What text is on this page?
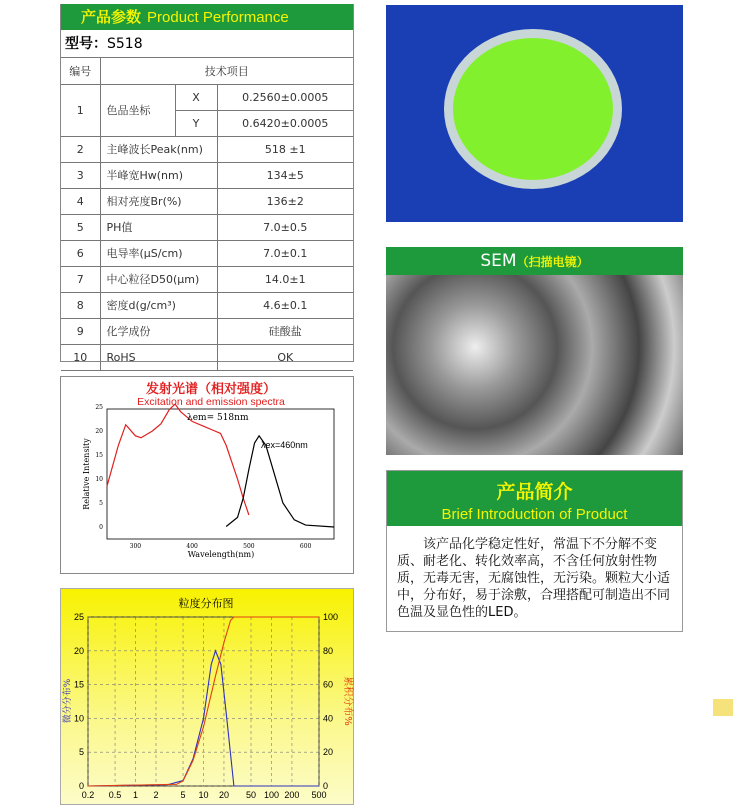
产品参数 Product Performance
型号：S518
编号	技术项目		
1	色品坐标	X	0.2560±0.0005
		Y	0.6420±0.0005
2	主峰波长Peak(nm)		518 ±1
3	半峰宽Hw(nm)		134±5
4	相对亮度Br(%)		136±2
5	PH值		7.0±0.5
6	电导率(μS/cm)		7.0±0.1
7	中心粒径D50(μm)		14.0±1
8	密度d(g/cm³)		4.6±0.1
9	化学成份		硅酸盐
10	RoHS		OK
SEM（扫描电镜）
产品简介
Brief Introduction of Product

该产品化学稳定性好，常温下不分解不变质、耐老化、转化效率高，不含任何放射性物质，无毒无害，无腐蚀性，无污染。颗粒大小适中，分布好，易于涂敷，合理搭配可制造出不同色温及显色性的LED。

发射光谱（相对强度）
Excitation and emission spectra
300	400	500	600
0
5
10
15
20
25
Wavelength(nm)
Relative Intensity
λem= 518nm
λex=460nm
粒度分布图
0.2 0.5 1 2 5 10 20 50 100 200 500
0
5
10
15
20
25
0
20
40
60
80
100
微分分布%	累积分布%
